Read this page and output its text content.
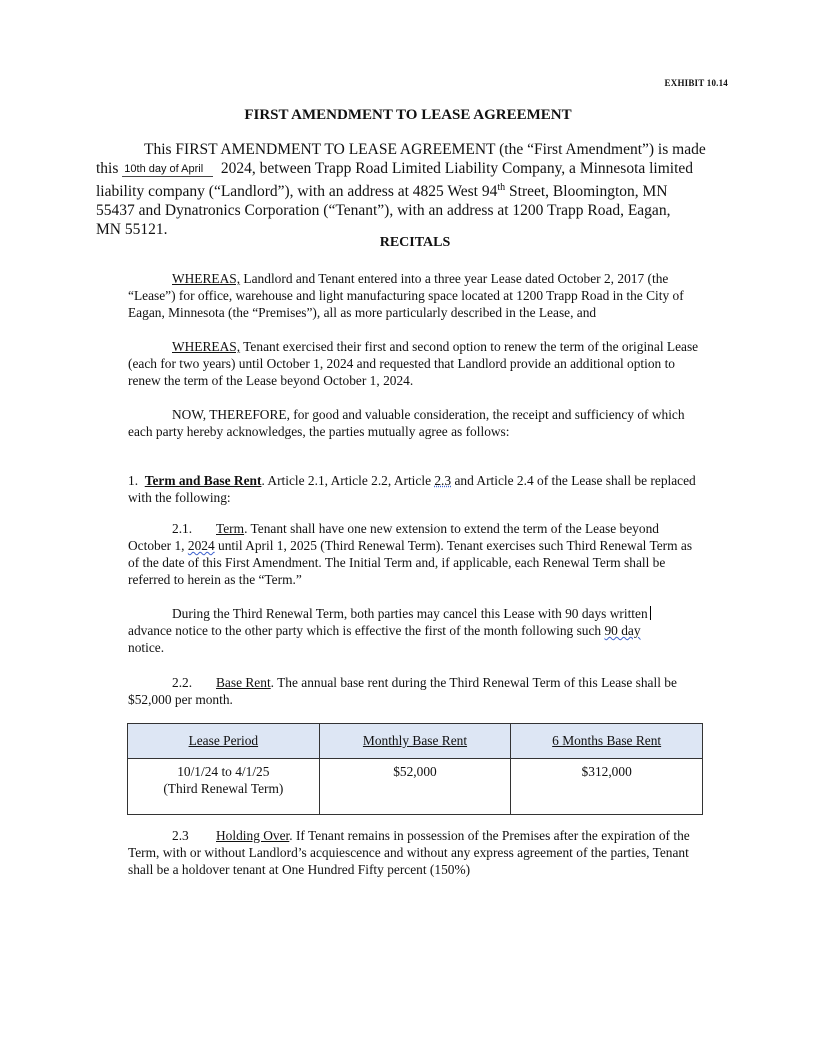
EXHIBIT 10.14
FIRST AMENDMENT TO LEASE AGREEMENT
This FIRST AMENDMENT TO LEASE AGREEMENT (the “First Amendment”) is made
this 10th day of April 2024, between Trapp Road Limited Liability Company, a Minnesota limited
liability company (“Landlord”), with an address at 4825 West 94th Street, Bloomington, MN
55437 and Dynatronics Corporation (“Tenant”), with an address at 1200 Trapp Road, Eagan,
MN 55121.
RECITALS
WHEREAS, Landlord and Tenant entered into a three year Lease dated October 2, 2017 (the “Lease”) for office, warehouse and light manufacturing space located at 1200 Trapp Road in the City of Eagan, Minnesota (the “Premises”), all as more particularly described in the Lease, and
WHEREAS, Tenant exercised their first and second option to renew the term of the original Lease (each for two years) until October 1, 2024 and requested that Landlord provide an additional option to renew the term of the Lease beyond October 1, 2024.
NOW, THEREFORE, for good and valuable consideration, the receipt and sufficiency of which each party hereby acknowledges, the parties mutually agree as follows:
1. Term and Base Rent. Article 2.1, Article 2.2, Article 2.3 and Article 2.4 of the Lease shall be replaced with the following:
2.1. Term. Tenant shall have one new extension to extend the term of the Lease beyond October 1, 2024 until April 1, 2025 (Third Renewal Term). Tenant exercises such Third Renewal Term as of the date of this First Amendment. The Initial Term and, if applicable, each Renewal Term shall be referred to herein as the “Term.”
During the Third Renewal Term, both parties may cancel this Lease with 90 days written
advance notice to the other party which is effective the first of the month following such 90 day
notice.
2.2. Base Rent. The annual base rent during the Third Renewal Term of this Lease shall be $52,000 per month.
Lease Period	Monthly Base Rent	6 Months Base Rent

10/1/24 to 4/1/25
(Third Renewal Term)	$52,000	$312,000
2.3 Holding Over. If Tenant remains in possession of the Premises after the expiration of the Term, with or without Landlord’s acquiescence and without any express agreement of the parties, Tenant shall be a holdover tenant at One Hundred Fifty percent (150%)
